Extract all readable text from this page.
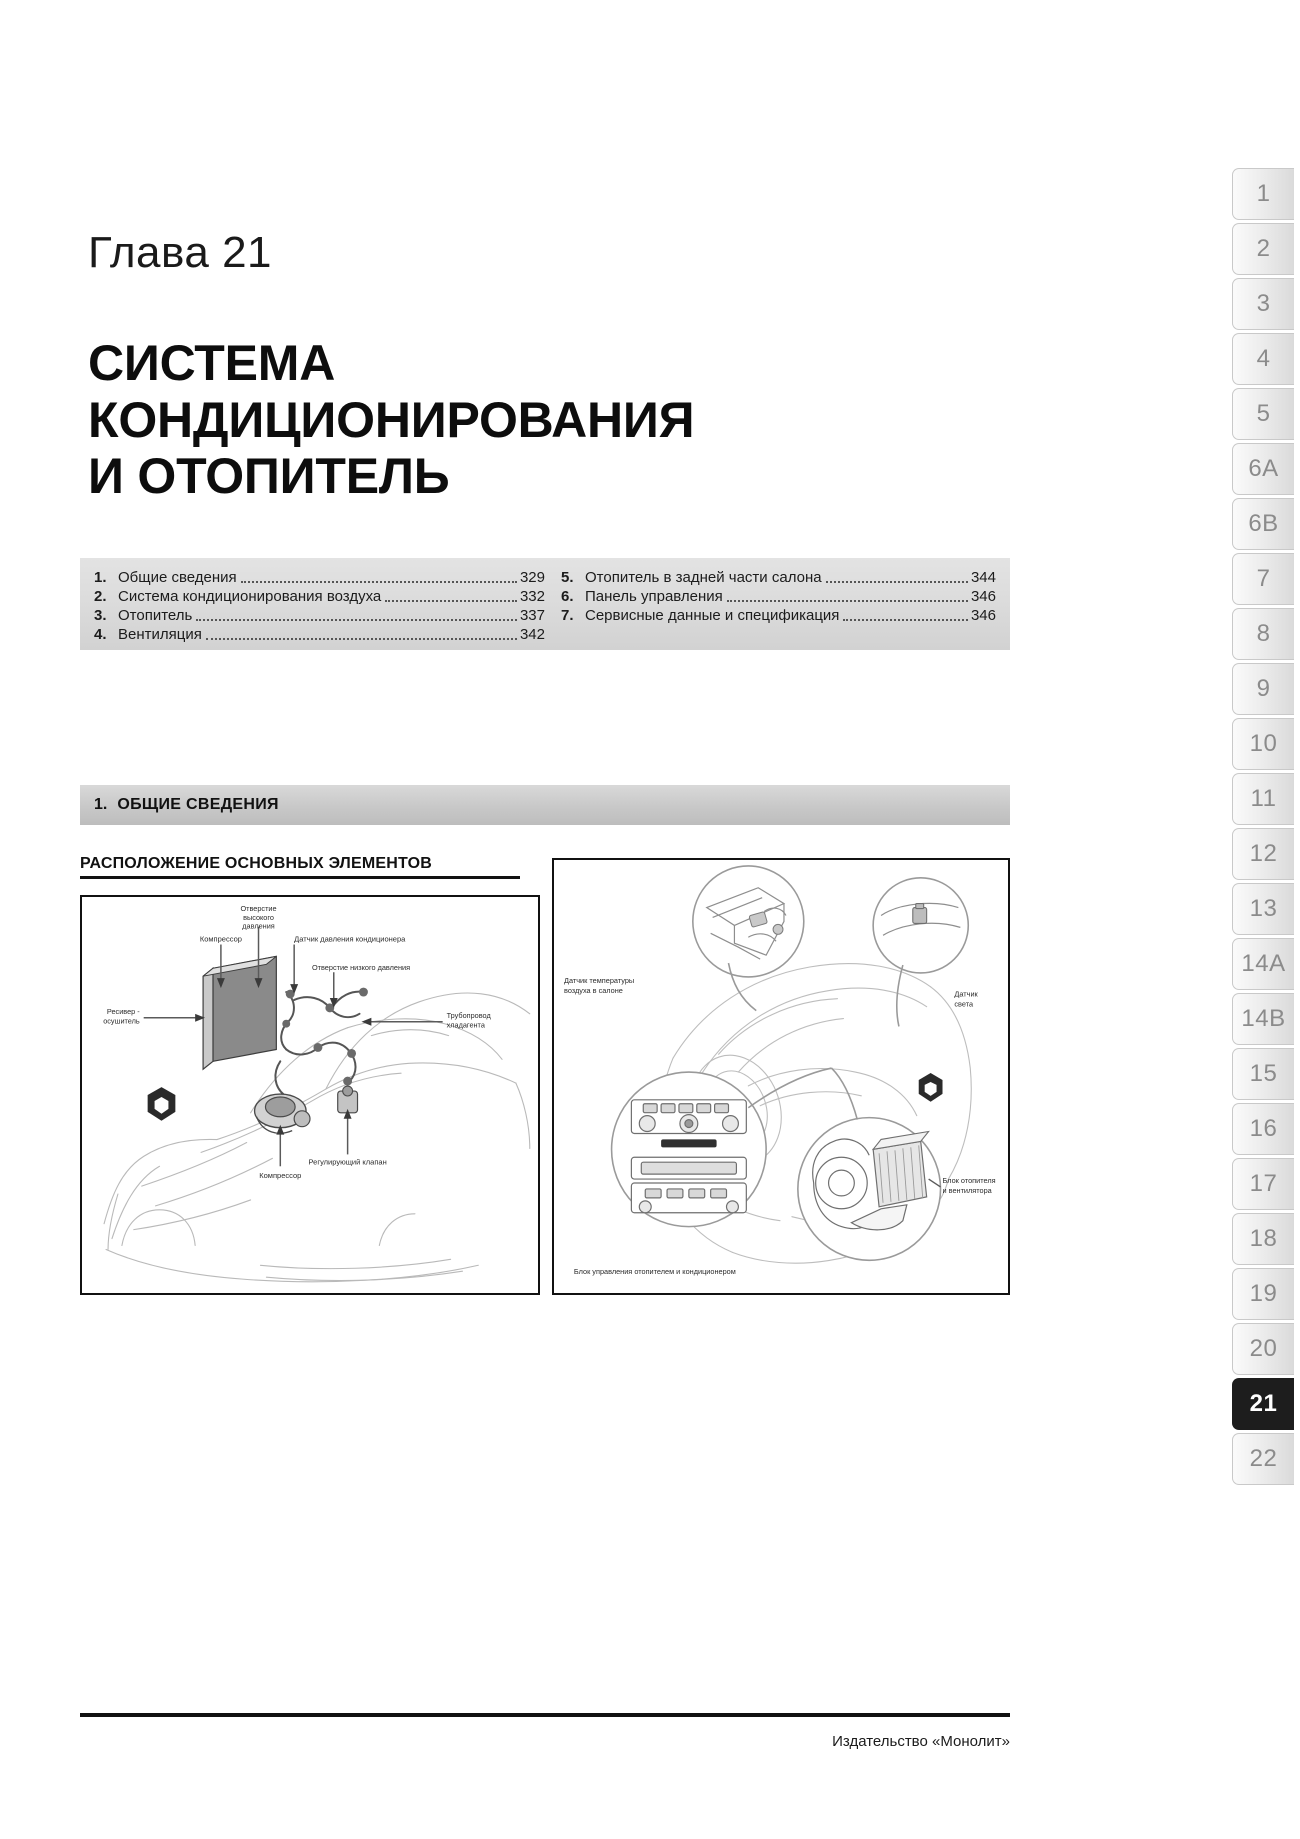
Глава 21
СИСТЕМА
КОНДИЦИОНИРОВАНИЯ
И ОТОПИТЕЛЬ
1. Общие сведения	329
2. Система кондиционирования воздуха	332
3. Отопитель	337
4. Вентиляция	342
5. Отопитель в задней части салона	344
6. Панель управления	346
7. Сервисные данные и спецификация	346
1. ОБЩИЕ СВЕДЕНИЯ
РАСПОЛОЖЕНИЕ ОСНОВНЫХ ЭЛЕМЕНТОВ
Отверстие
высокого
давления
Компрессор	Датчик давления кондиционера
Отверстие низкого давления
Ресивер -
осушитель
Трубопровод
хладагента
Регулирующий клапан
Компрессор
Датчик температуры
воздуха в салоне	Датчик
света
Блок отопителя
и вентилятора
Блок управления отопителем и кондиционером
1
2
3
4
5
6A
6B
7
8
9
10
11
12
13
14A
14B
15
16
17
18
19
20
21
22
Издательство «Монолит»
